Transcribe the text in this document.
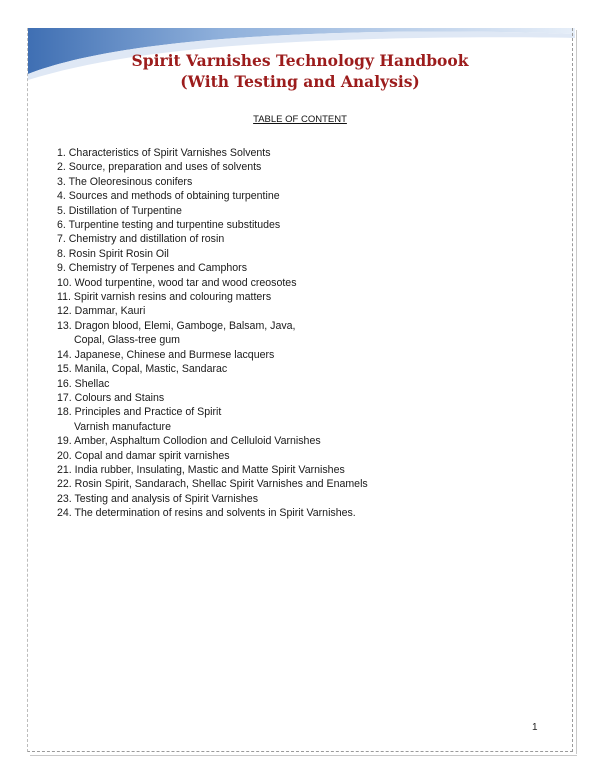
Spirit Varnishes Technology Handbook
(With Testing and Analysis)
TABLE OF CONTENT
1. Characteristics of Spirit Varnishes Solvents
2. Source, preparation and uses of solvents
3. The Oleoresinous conifers
4. Sources and methods of obtaining turpentine
5. Distillation of Turpentine
6. Turpentine testing and turpentine substitudes
7. Chemistry and distillation of rosin
8. Rosin Spirit Rosin Oil
9. Chemistry of Terpenes and Camphors
10. Wood turpentine, wood tar and wood creosotes
11. Spirit varnish resins and colouring matters
12. Dammar, Kauri
13. Dragon blood, Elemi, Gamboge, Balsam, Java,
Copal, Glass-tree gum
14. Japanese, Chinese and Burmese lacquers
15. Manila, Copal, Mastic, Sandarac
16. Shellac
17. Colours and Stains
18. Principles and Practice of Spirit
Varnish manufacture
19. Amber, Asphaltum Collodion and Celluloid Varnishes
20. Copal and damar spirit varnishes
21. India rubber, Insulating, Mastic and Matte Spirit Varnishes
22. Rosin Spirit, Sandarach, Shellac Spirit Varnishes and Enamels
23. Testing and analysis of Spirit Varnishes
24. The determination of resins and solvents in Spirit Varnishes.
1
